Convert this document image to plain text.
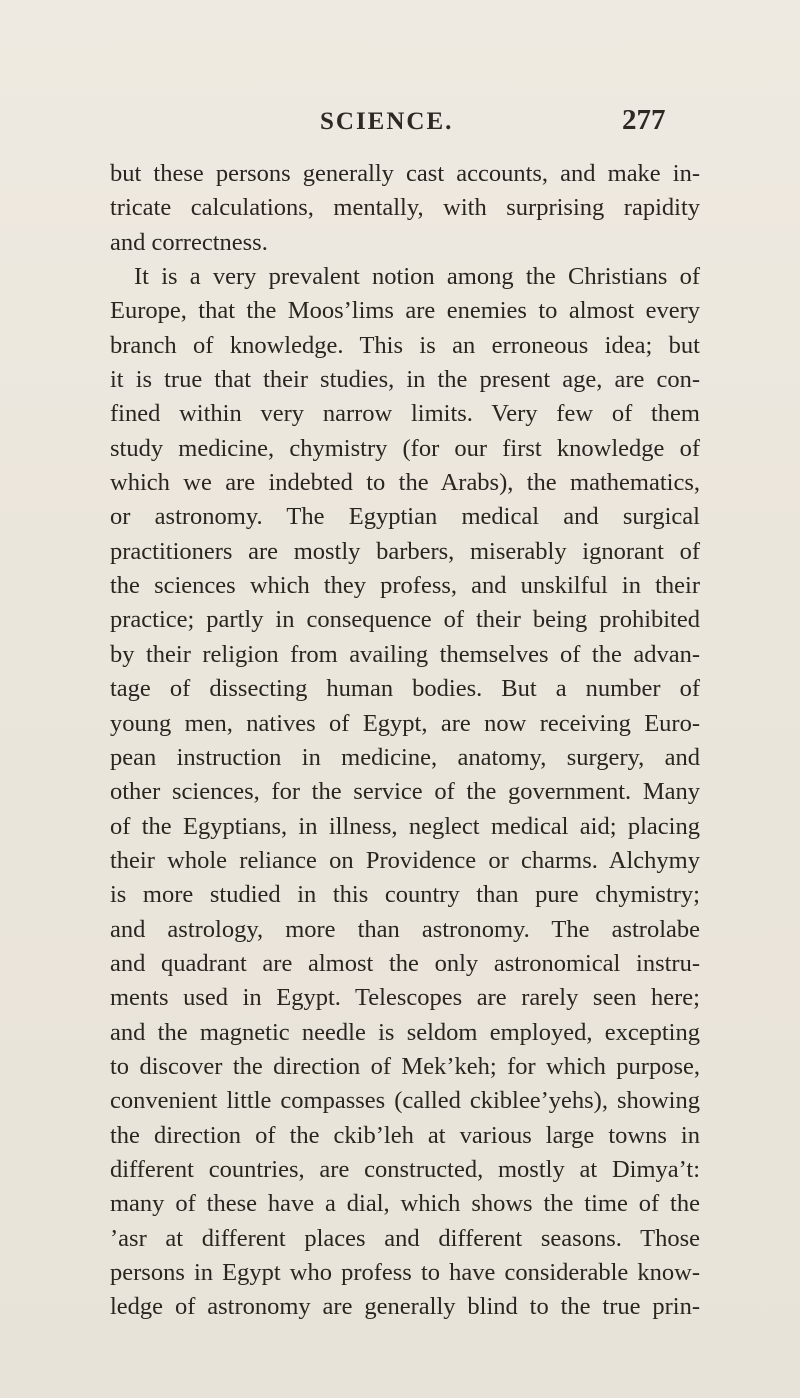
SCIENCE.	277
but these persons generally cast accounts, and make in-
tricate calculations, mentally, with surprising rapidity
and correctness.
It is a very prevalent notion among the Christians of
Europe, that the Moos’lims are enemies to almost every
branch of knowledge. This is an erroneous idea; but
it is true that their studies, in the present age, are con-
fined within very narrow limits. Very few of them
study medicine, chymistry (for our first knowledge of
which we are indebted to the Arabs), the mathematics,
or astronomy. The Egyptian medical and surgical
practitioners are mostly barbers, miserably ignorant of
the sciences which they profess, and unskilful in their
practice; partly in consequence of their being prohibited
by their religion from availing themselves of the advan-
tage of dissecting human bodies. But a number of
young men, natives of Egypt, are now receiving Euro-
pean instruction in medicine, anatomy, surgery, and
other sciences, for the service of the government. Many
of the Egyptians, in illness, neglect medical aid; placing
their whole reliance on Providence or charms. Alchymy
is more studied in this country than pure chymistry;
and astrology, more than astronomy. The astrolabe
and quadrant are almost the only astronomical instru-
ments used in Egypt. Telescopes are rarely seen here;
and the magnetic needle is seldom employed, excepting
to discover the direction of Mek’keh; for which purpose,
convenient little compasses (called ckiblee’yehs), showing
the direction of the ckib’leh at various large towns in
different countries, are constructed, mostly at Dimya’t:
many of these have a dial, which shows the time of the
’asr at different places and different seasons. Those
persons in Egypt who profess to have considerable know-
ledge of astronomy are generally blind to the true prin-
